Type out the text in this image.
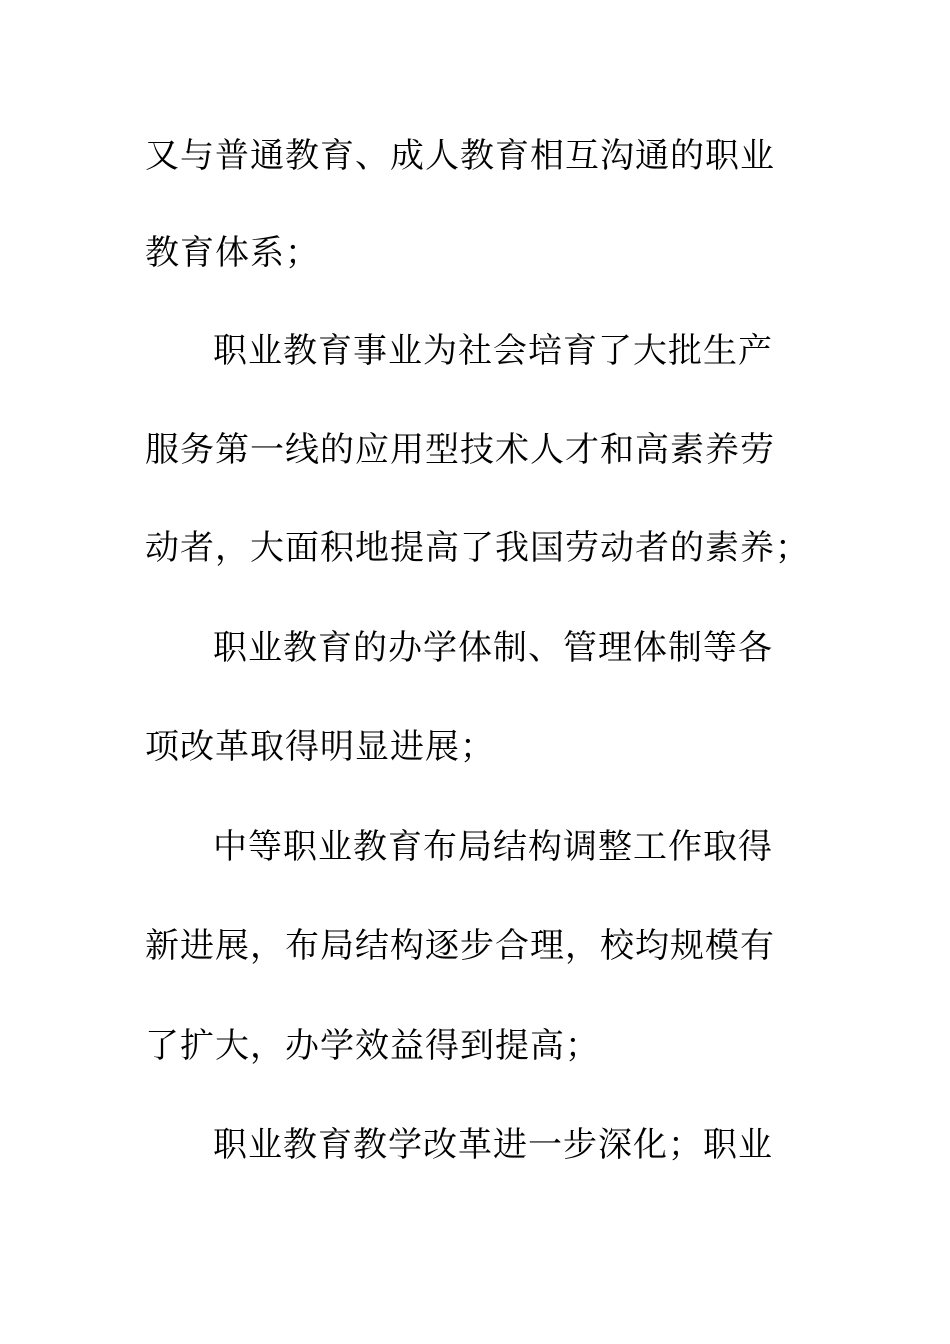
又与普通教育、成人教育相互沟通的职业
教育体系；
职业教育事业为社会培育了大批生产
服务第一线的应用型技术人才和高素养劳
动者，大面积地提高了我国劳动者的素养；
职业教育的办学体制、管理体制等各
项改革取得明显进展；
中等职业教育布局结构调整工作取得
新进展，布局结构逐步合理，校均规模有
了扩大，办学效益得到提高；
职业教育教学改革进一步深化；职业
